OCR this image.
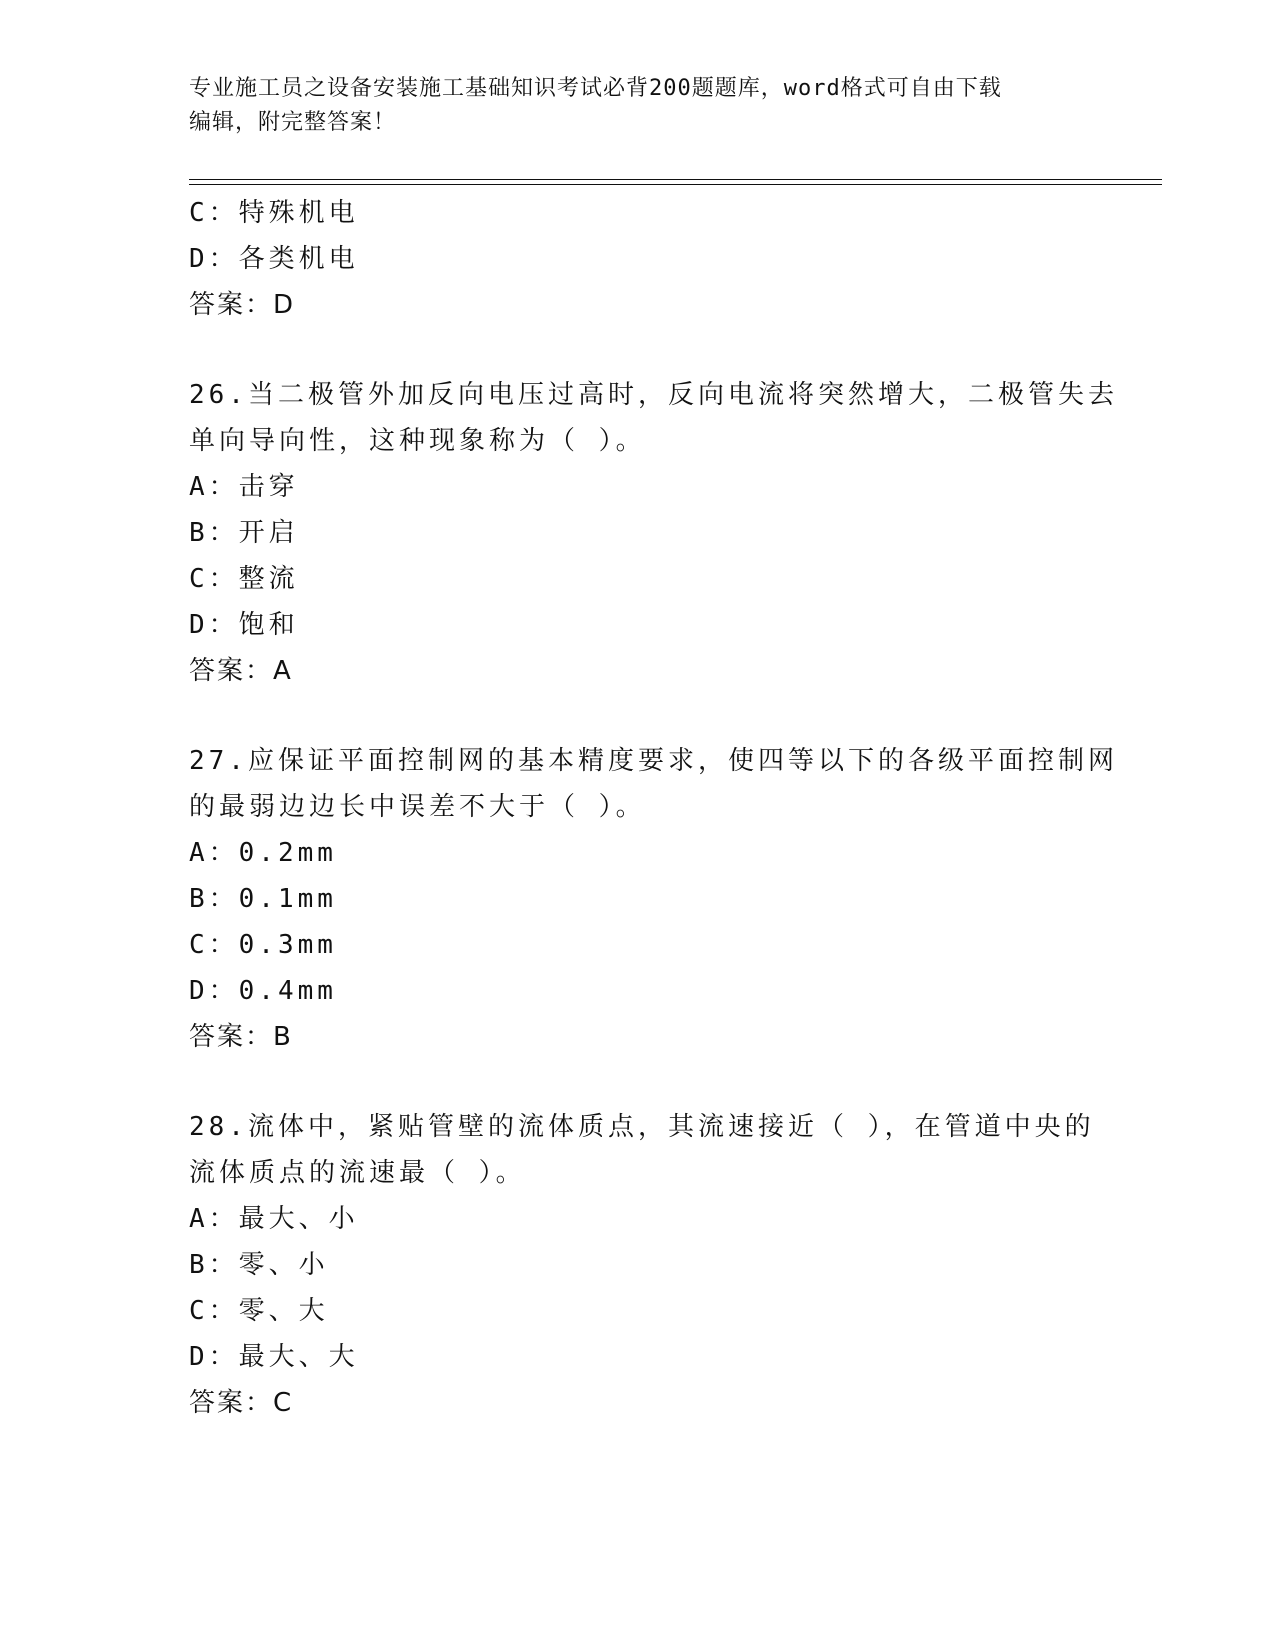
专业施工员之设备安装施工基础知识考试必背200题题库，word格式可自由下载
编辑，附完整答案！
C：特殊机电
D：各类机电
答案：D
26.当二极管外加反向电压过高时，反向电流将突然增大，二极管失去
单向导向性，这种现象称为（ ）。
A：击穿
B：开启
C：整流
D：饱和
答案：A
27.应保证平面控制网的基本精度要求，使四等以下的各级平面控制网
的最弱边边长中误差不大于（ ）。
A：0.2mm
B：0.1mm
C：0.3mm
D：0.4mm
答案：B
28.流体中，紧贴管壁的流体质点，其流速接近（ ），在管道中央的
流体质点的流速最（ ）。
A：最大、小
B：零、小
C：零、大
D：最大、大
答案：C
